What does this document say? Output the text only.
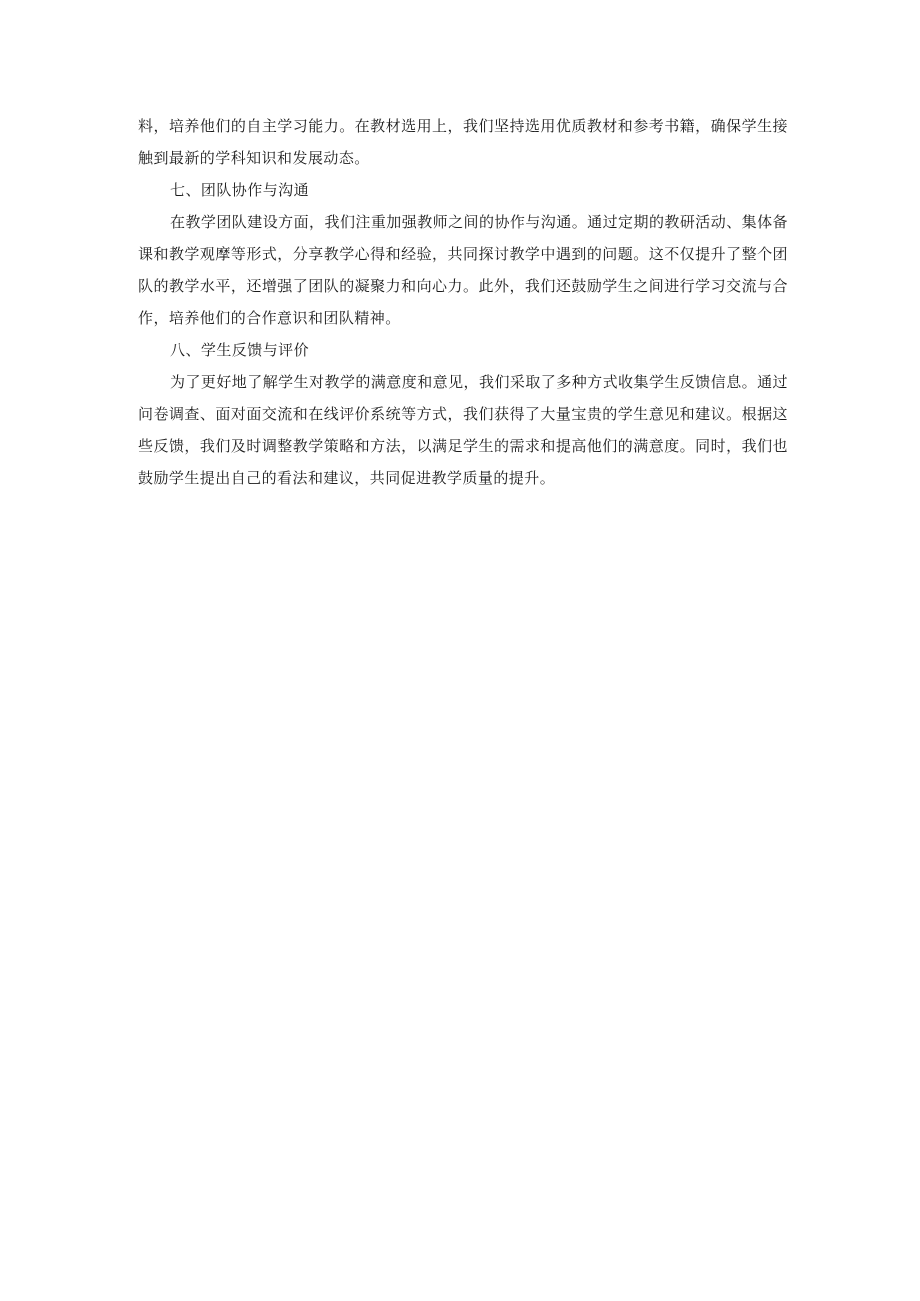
料，培养他们的自主学习能力。在教材选用上，我们坚持选用优质教材和参考书籍，确保学生接触到最新的学科知识和发展动态。

七、团队协作与沟通

在教学团队建设方面，我们注重加强教师之间的协作与沟通。通过定期的教研活动、集体备课和教学观摩等形式，分享教学心得和经验，共同探讨教学中遇到的问题。这不仅提升了整个团队的教学水平，还增强了团队的凝聚力和向心力。此外，我们还鼓励学生之间进行学习交流与合作，培养他们的合作意识和团队精神。

八、学生反馈与评价

为了更好地了解学生对教学的满意度和意见，我们采取了多种方式收集学生反馈信息。通过问卷调查、面对面交流和在线评价系统等方式，我们获得了大量宝贵的学生意见和建议。根据这些反馈，我们及时调整教学策略和方法，以满足学生的需求和提高他们的满意度。同时，我们也鼓励学生提出自己的看法和建议，共同促进教学质量的提升。
